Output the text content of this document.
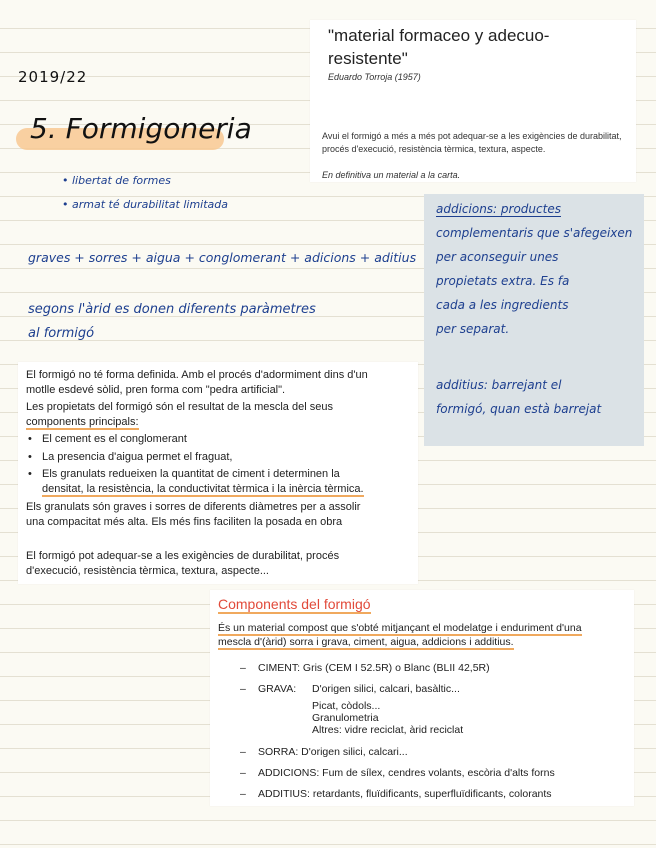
2019/22
5. Formigoneria
• libertat de formes
• armat té durabilitat limitada
graves + sorres + aigua + conglomerant + adicions + aditius
segons l'àrid es donen diferents paràmetres
al formigó
"material formaceo y adecuo-resistente"
Eduardo Torroja (1957)
Avui el formigó a més a més pot adequar-se a les exigències de durabilitat, procés d'execució, resistència tèrmica, textura, aspecte.
En definitiva un material a la carta.
addicions: productes
complementaris que s'afegeixen
per aconseguir unes
propietats extra. Es fa
cada a les ingredients
per separat.
additius: barrejant el
formigó, quan està barrejat
El formigó no té forma definida. Amb el procés d'adormiment dins d'un
motlle esdevé sòlid, pren forma com "pedra artificial".
Les propietats del formigó són el resultat de la mescla del seus
components principals:
• El cement es el conglomerant
• La presencia d'aigua permet el fraguat,
• Els granulats redueixen la quantitat de ciment i determinen la
densitat, la resistència, la conductivitat tèrmica i la inèrcia tèrmica.
Els granulats són graves i sorres de diferents diàmetres per a assolir
una compacitat més alta. Els més fins faciliten la posada en obra
El formigó pot adequar-se a les exigències de durabilitat, procés
d'execució, resistència tèrmica, textura, aspecte...
Components del formigó
És un material compost que s'obté mitjançant el modelatge i enduriment d'una
mescla d'(àrid) sorra i grava, ciment, aigua, addicions i additius.
CIMENT: Gris (CEM I 52.5R) o Blanc (BLII 42,5R)
–
– GRAVA: D'origen silici, calcari, basàltic...
Picat, còdols...
Granulometria
Altres: vidre reciclat, àrid reciclat
– SORRA: D'origen silici, calcari...
– ADDICIONS: Fum de sílex, cendres volants, escòria d'alts forns
– ADDITIUS: retardants, fluïdificants, superfluïdificants, colorants
